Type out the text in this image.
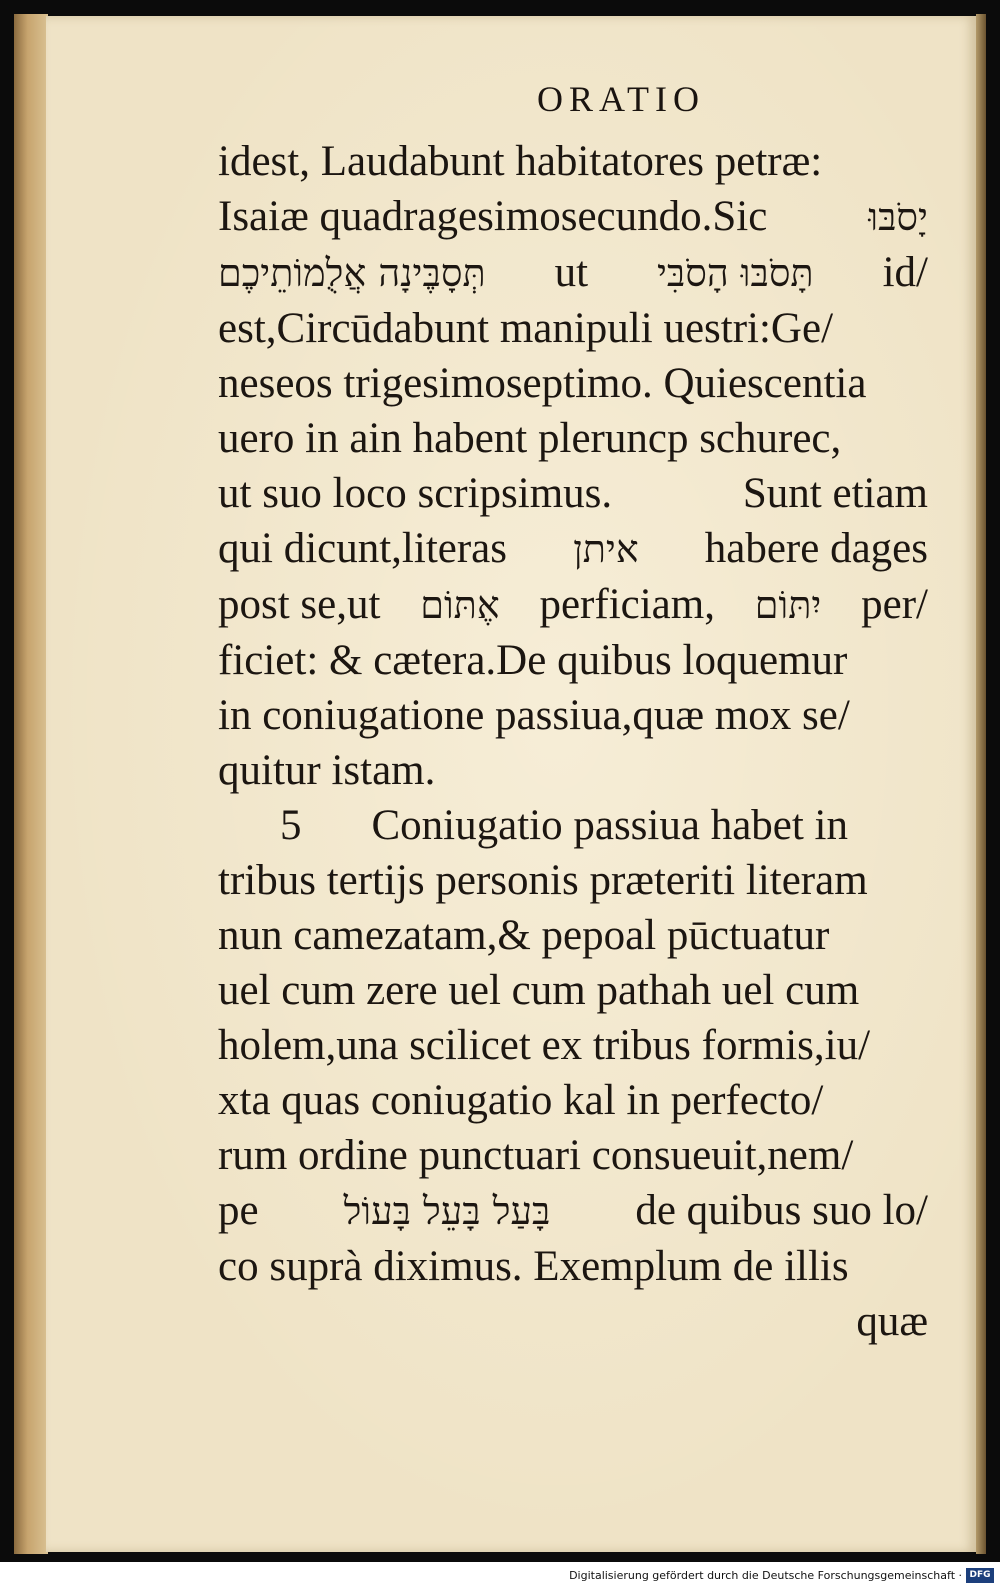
ORATIO
idest, Laudabunt habitatores petræ:
Isaiæ quadragesimosecundo.Sic	יָסֹבּוּ
תְּסָבֶּינָה אֲלֻמוֹתֵיכֶם ut תָּסֹבּוּ הָסֹבִּי id/
est,Circūdabunt manipuli uestri:Ge/
neseos trigesimoseptimo. Quiescentia
uero in ain habent pleruncp schurec,
ut suo loco scripsimus.	Sunt etiam
qui dicunt,literas איתן habere dages
post se,ut אֶתּוֹם perficiam, יִתּוֹם per/
ficiet: & cætera.De quibus loquemur
in coniugatione passiua,quæ mox se/
quitur istam.
5 Coniugatio passiua habet in
tribus tertijs personis præteriti literam
nun camezatam,& pepoal pūctuatur
uel cum zere uel cum pathah uel cum
holem,una scilicet ex tribus formis,iu/
xta quas coniugatio kal in perfecto/
rum ordine punctuari consueuit,nem/
pe בָּעַל בָּעֵל בָּעוֹל de quibus suo lo/
co suprà diximus. Exemplum de illis
quæ
Digitalisierung gefördert durch die Deutsche Forschungsgemeinschaft · DFG
